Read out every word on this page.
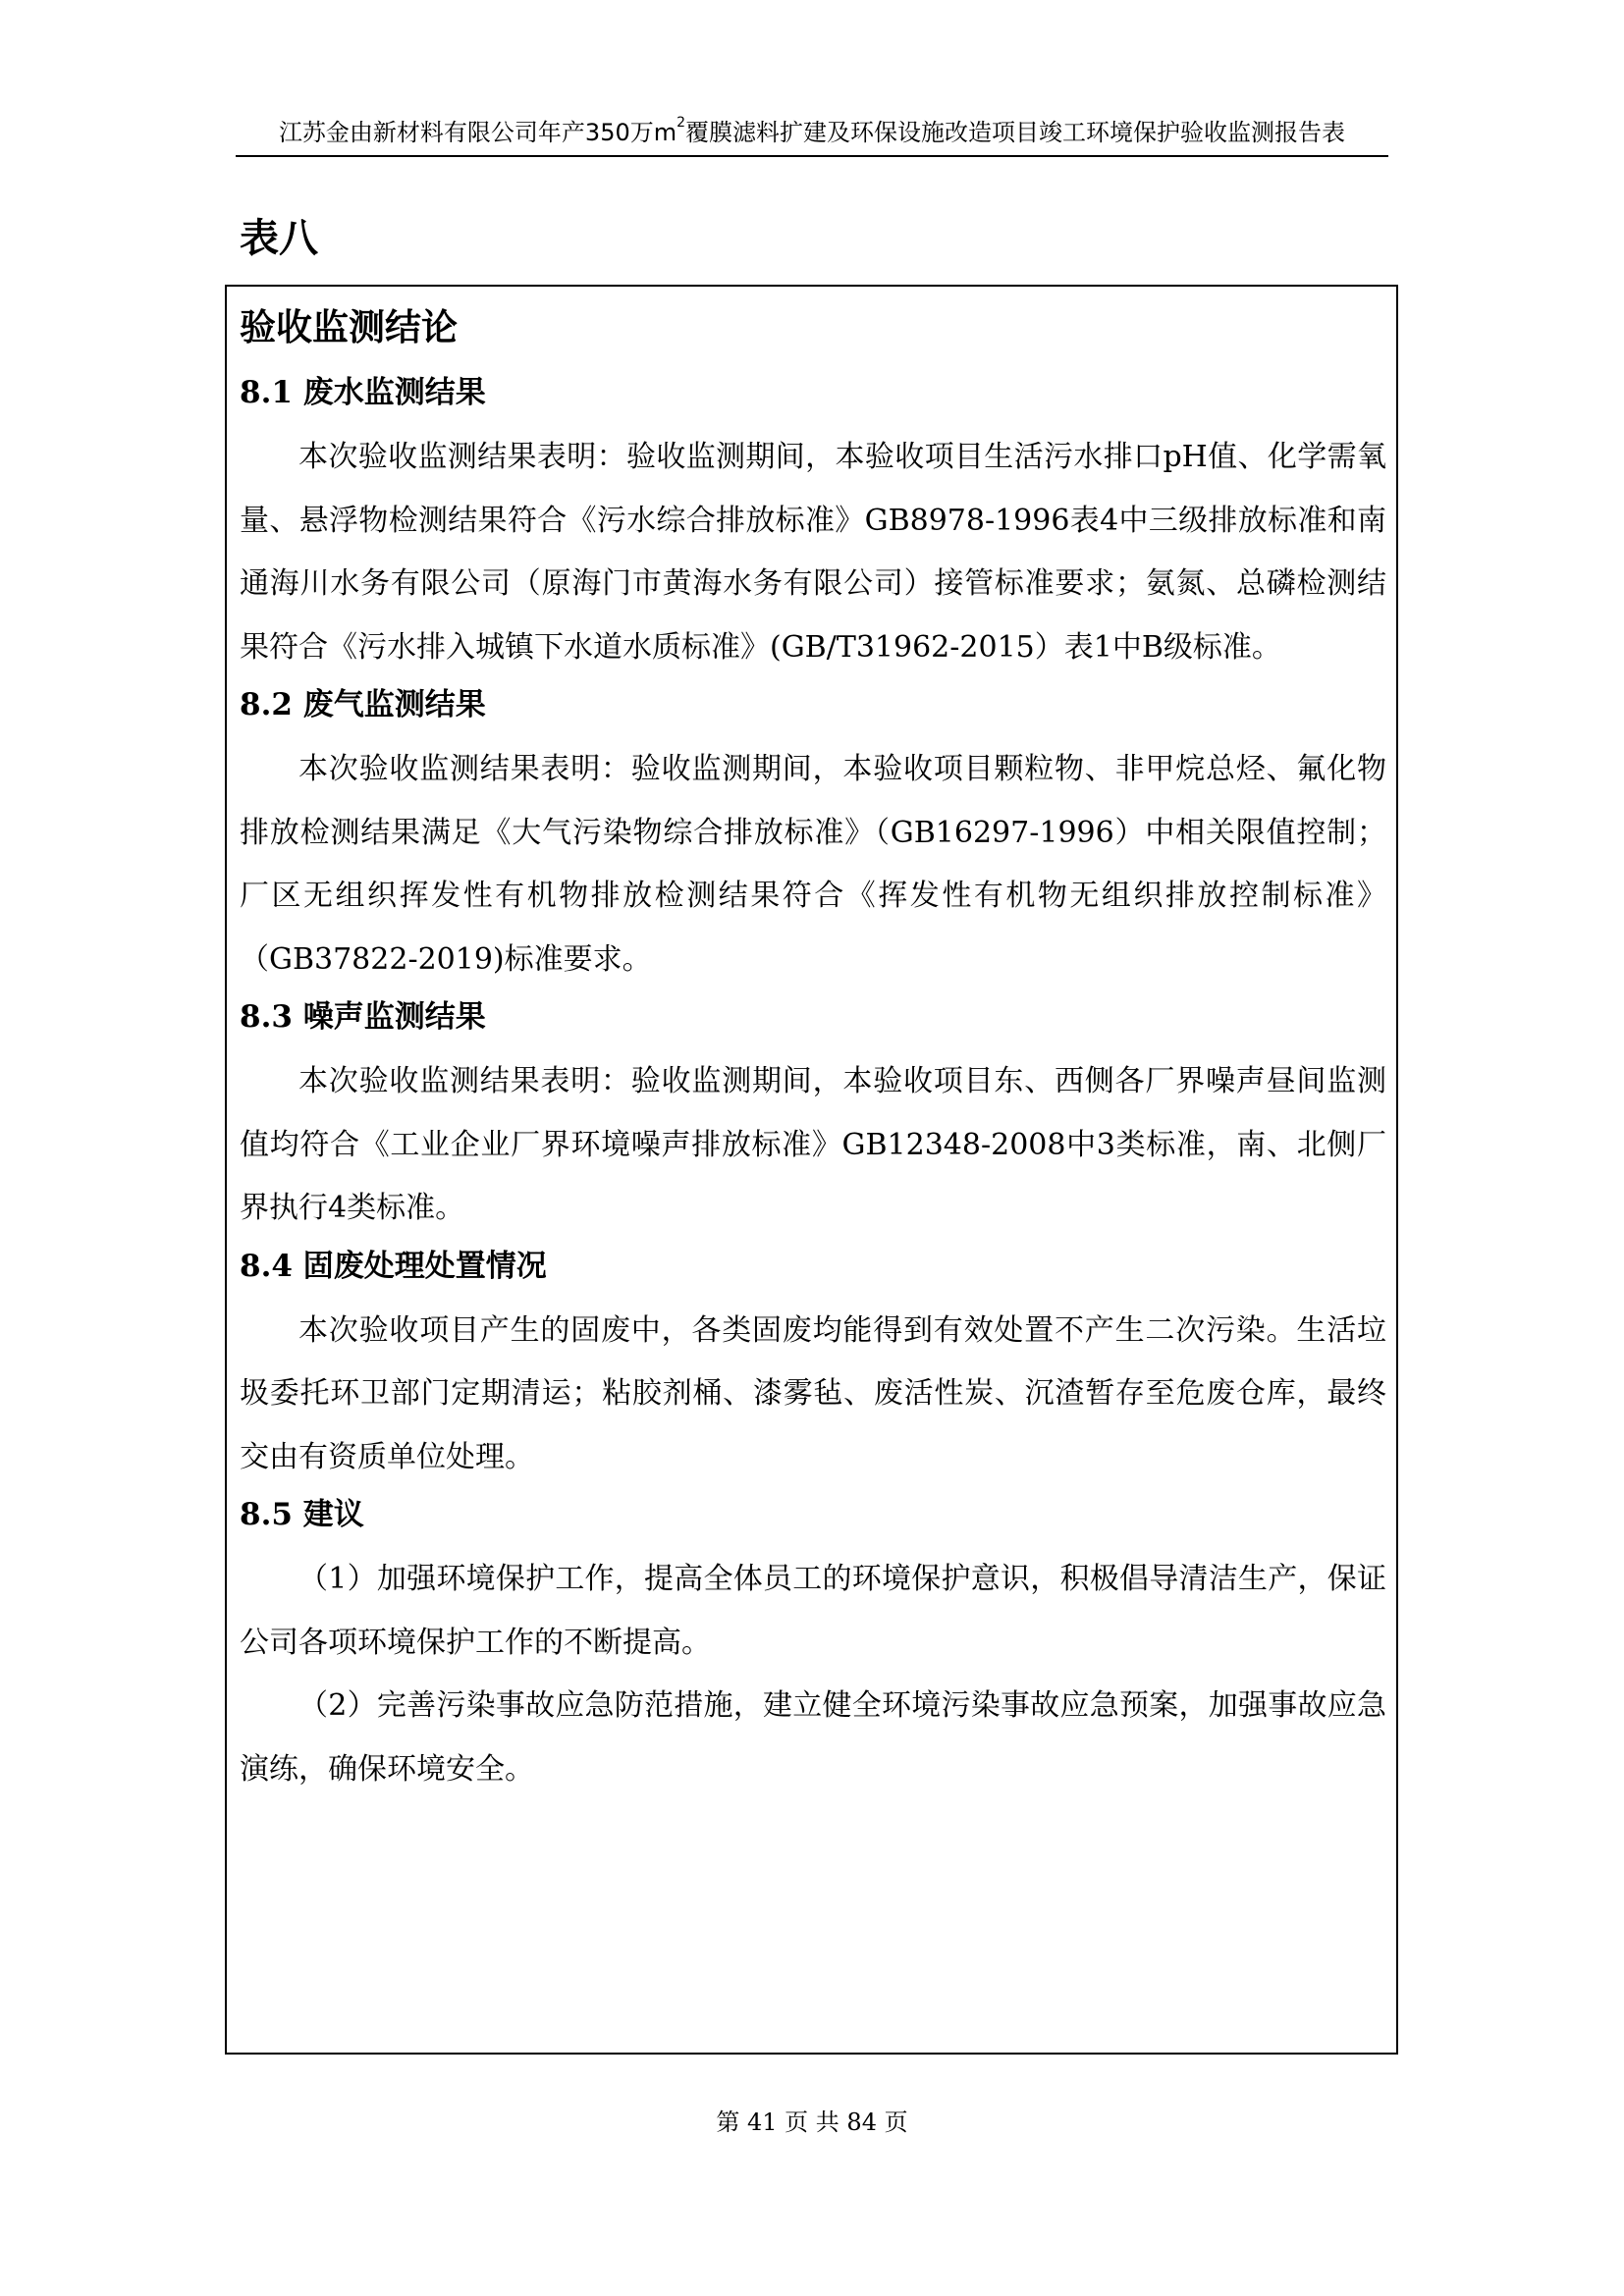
江苏金由新材料有限公司年产350万$m^2$覆膜滤料扩建及环保设施改造项目竣工环境保护验收监测报告表
表八
验收监测结论
8.1 废水监测结果

本次验收监测结果表明：验收监测期间，本验收项目生活污水排口pH值、化学需氧量、悬浮物检测结果符合《污水综合排放标准》GB8978-1996表4中三级排放标准和南通海川水务有限公司（原海门市黄海水务有限公司）接管标准要求；氨氮、总磷检测结果符合《污水排入城镇下水道水质标准》(GB/T31962-2015）表1中B级标准。

8.2 废气监测结果

本次验收监测结果表明：验收监测期间，本验收项目颗粒物、非甲烷总烃、氟化物排放检测结果满足《大气污染物综合排放标准》（GB16297-1996）中相关限值控制；厂区无组织挥发性有机物排放检测结果符合《挥发性有机物无组织排放控制标准》（GB37822-2019)标准要求。

8.3 噪声监测结果

本次验收监测结果表明：验收监测期间，本验收项目东、西侧各厂界噪声昼间监测值均符合《工业企业厂界环境噪声排放标准》GB12348-2008中3类标准，南、北侧厂界执行4类标准。

8.4 固废处理处置情况

本次验收项目产生的固废中，各类固废均能得到有效处置不产生二次污染。生活垃圾委托环卫部门定期清运；粘胶剂桶、漆雾毡、废活性炭、沉渣暂存至危废仓库，最终交由有资质单位处理。

8.5 建议

（1）加强环境保护工作，提高全体员工的环境保护意识，积极倡导清洁生产，保证公司各项环境保护工作的不断提高。

（2）完善污染事故应急防范措施，建立健全环境污染事故应急预案，加强事故应急演练，确保环境安全。

第 41 页 共 84 页
